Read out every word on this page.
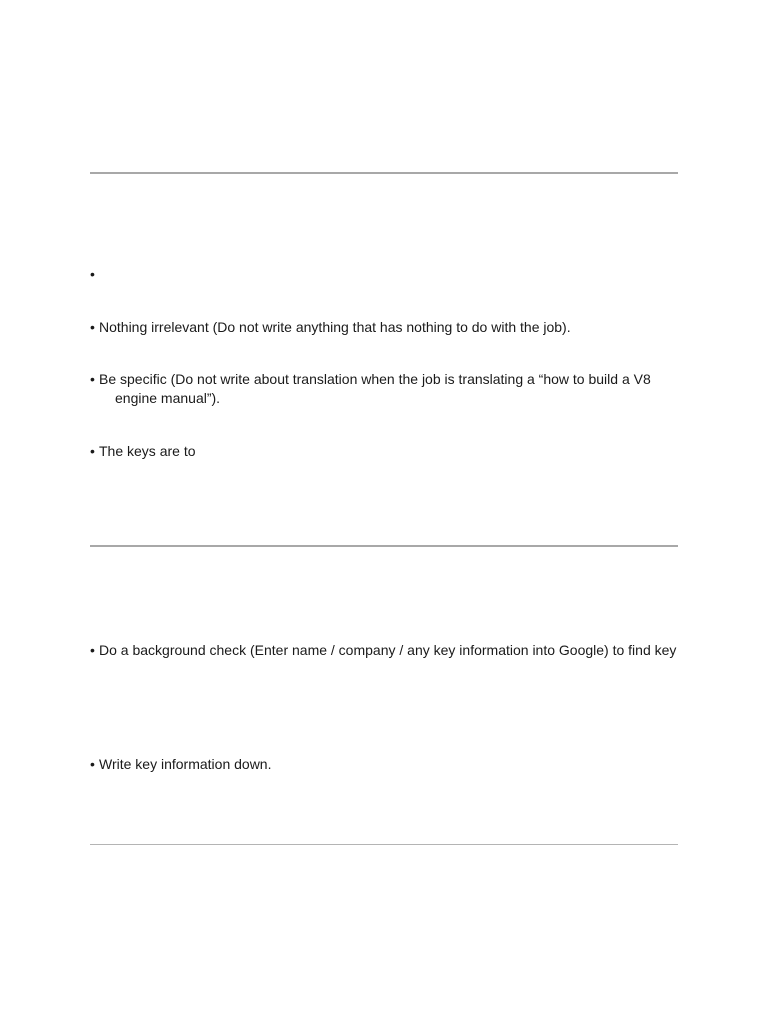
•
• Nothing irrelevant (Do not write anything that has nothing to do with the job).
• Be specific (Do not write about translation when the job is translating a “how to build a V8
engine manual”).
• The keys are to
• Do a background check (Enter name / company / any key information into Google) to find key
• Write key information down.
